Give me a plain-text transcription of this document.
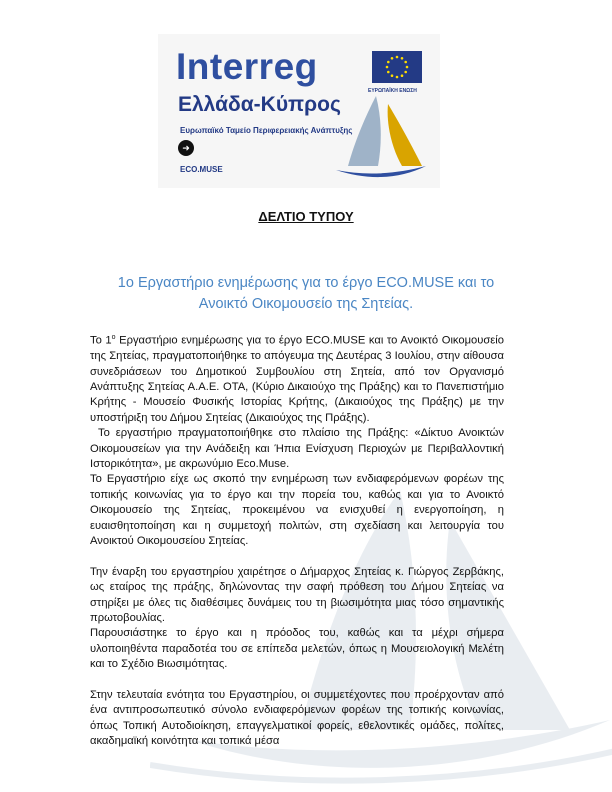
Interreg
Ελλάδα-Κύπρος
Ευρωπαϊκό Ταμείο Περιφερειακής Ανάπτυξης
ΕΥΡΩΠΑΪΚΗ ΕΝΩΣΗ
➜
ECO.MUSE
ΔΕΛΤΙΟ ΤΥΠΟΥ
1ο Εργαστήριο ενημέρωσης για το έργο ECO.MUSE και το
Ανοικτό Οικομουσείο της Σητείας.

Το $1^o$ Εργαστήριο ενημέρωσης για το έργο ECO.MUSE και το Ανοικτό Οικομουσείο της Σητείας, πραγματοποιήθηκε το απόγευμα της Δευτέρας 3 Ιουλίου, στην αίθουσα συνεδριάσεων του Δημοτικού Συμβουλίου στη Σητεία, από τον Οργανισμό Ανάπτυξης Σητείας Α.Α.Ε. ΟΤΑ, (Κύριο Δικαιούχο της Πράξης) και το Πανεπιστήμιο Κρήτης - Μουσείο Φυσικής Ιστορίας Κρήτης, (Δικαιούχος της Πράξης) με την υποστήριξη του Δήμου Σητείας (Δικαιούχος της Πράξης).

Το εργαστήριο πραγματοποιήθηκε στο πλαίσιο της Πράξης: «Δίκτυο Ανοικτών Οικομουσείων για την Ανάδειξη και Ήπια Ενίσχυση Περιοχών με Περιβαλλοντική Ιστορικότητα», με ακρωνύμιο Eco.Muse.

Το Εργαστήριο είχε ως σκοπό την ενημέρωση των ενδιαφερόμενων φορέων της τοπικής κοινωνίας για το έργο και την πορεία του, καθώς και για το Ανοικτό Οικομουσείο της Σητείας, προκειμένου να ενισχυθεί η ενεργοποίηση, η ευαισθητοποίηση και η συμμετοχή πολιτών, στη σχεδίαση και λειτουργία του Ανοικτού Οικομουσείου Σητείας.

Την έναρξη του εργαστηρίου χαιρέτησε ο Δήμαρχος Σητείας κ. Γιώργος Ζερβάκης, ως εταίρος της πράξης, δηλώνοντας την σαφή πρόθεση του Δήμου Σητείας να στηρίξει με όλες τις διαθέσιμες δυνάμεις του τη βιωσιμότητα μιας τόσο σημαντικής πρωτοβουλίας.

Παρουσιάστηκε το έργο και η πρόοδος του, καθώς και τα μέχρι σήμερα υλοποιηθέντα παραδοτέα του σε επίπεδα μελετών, όπως η Μουσειολογική Μελέτη και το Σχέδιο Βιωσιμότητας.

Στην τελευταία ενότητα του Εργαστηρίου, οι συμμετέχοντες που προέρχονταν από ένα αντιπροσωπευτικό σύνολο ενδιαφερόμενων φορέων της τοπικής κοινωνίας, όπως Τοπική Αυτοδιοίκηση, επαγγελματικοί φορείς, εθελοντικές ομάδες, πολίτες, ακαδημαϊκή κοινότητα και τοπικά μέσα
